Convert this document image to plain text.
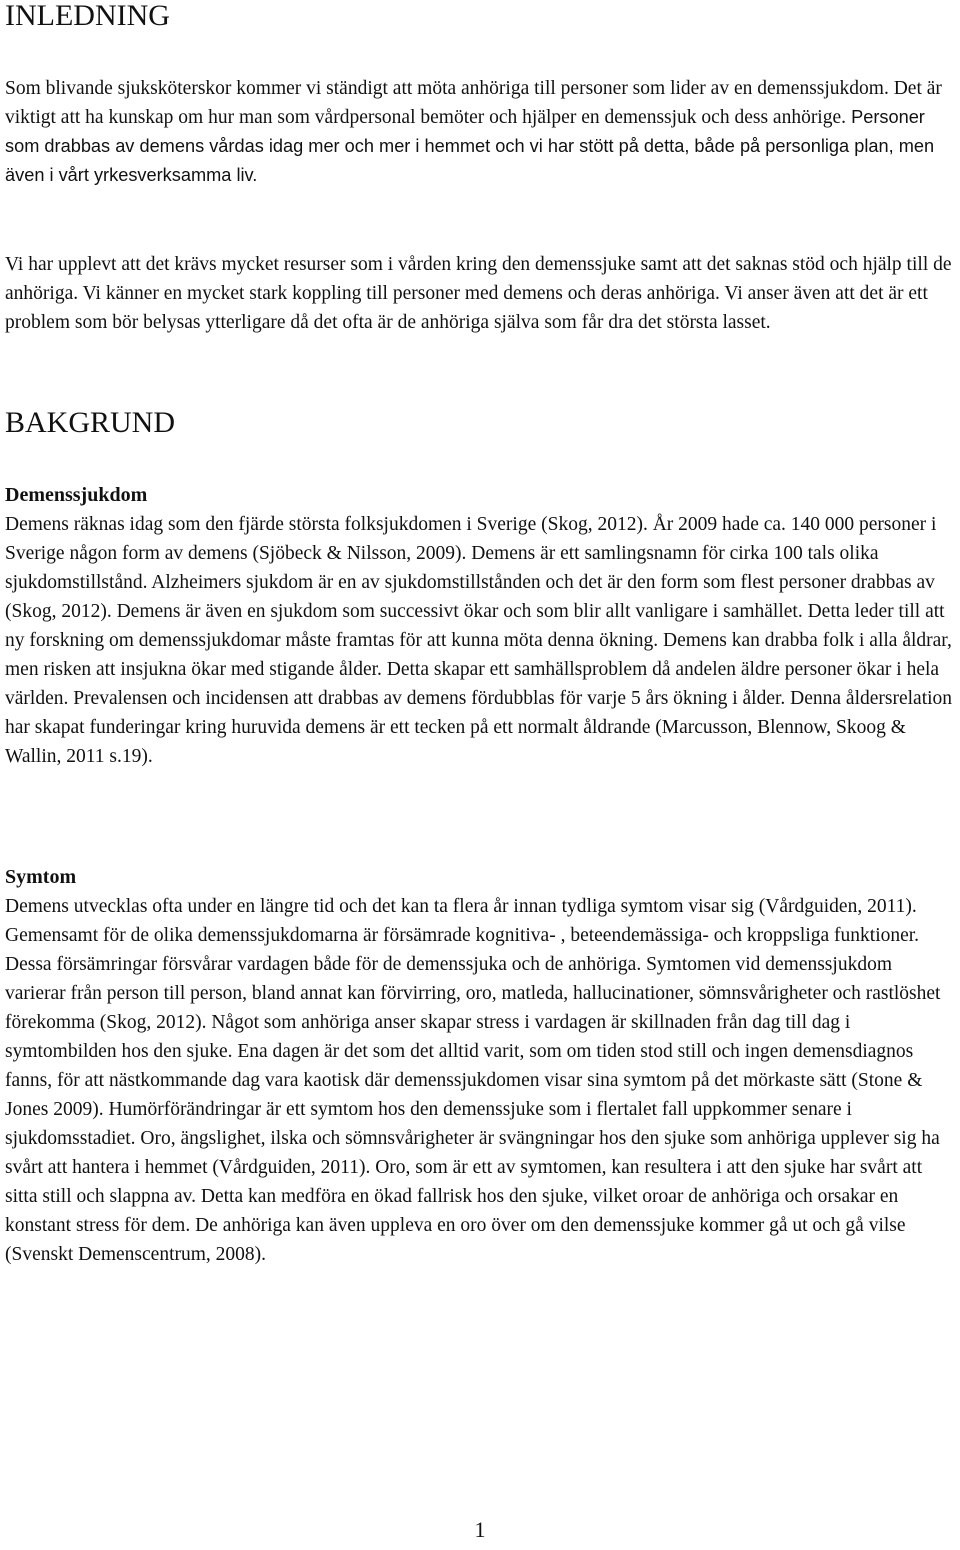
INLEDNING

Som blivande sjuksköterskor kommer vi ständigt att möta anhöriga till personer som lider av en demenssjukdom. Det är viktigt att ha kunskap om hur man som vårdpersonal bemöter och hjälper en demenssjuk och dess anhörige. Personer som drabbas av demens vårdas idag mer och mer i hemmet och vi har stött på detta, både på personliga plan, men även i vårt yrkesverksamma liv.

Vi har upplevt att det krävs mycket resurser som i vården kring den demenssjuke samt att det saknas stöd och hjälp till de anhöriga. Vi känner en mycket stark koppling till personer med demens och deras anhöriga. Vi anser även att det är ett problem som bör belysas ytterligare då det ofta är de anhöriga själva som får dra det största lasset.

BAKGRUND
Demenssjukdom

Demens räknas idag som den fjärde största folksjukdomen i Sverige (Skog, 2012). År 2009 hade ca. 140 000 personer i Sverige någon form av demens (Sjöbeck & Nilsson, 2009). Demens är ett samlingsnamn för cirka 100 tals olika sjukdomstillstånd. Alzheimers sjukdom är en av sjukdomstillstånden och det är den form som flest personer drabbas av (Skog, 2012). Demens är även en sjukdom som successivt ökar och som blir allt vanligare i samhället. Detta leder till att ny forskning om demenssjukdomar måste framtas för att kunna möta denna ökning. Demens kan drabba folk i alla åldrar, men risken att insjukna ökar med stigande ålder. Detta skapar ett samhällsproblem då andelen äldre personer ökar i hela världen. Prevalensen och incidensen att drabbas av demens fördubblas för varje 5 års ökning i ålder. Denna åldersrelation har skapat funderingar kring huruvida demens är ett tecken på ett normalt åldrande (Marcusson, Blennow, Skoog & Wallin, 2011 s.19).

Symtom

Demens utvecklas ofta under en längre tid och det kan ta flera år innan tydliga symtom visar sig (Vårdguiden, 2011). Gemensamt för de olika demenssjukdomarna är försämrade kognitiva- , beteendemässiga- och kroppsliga funktioner. Dessa försämringar försvårar vardagen både för de demenssjuka och de anhöriga. Symtomen vid demenssjukdom varierar från person till person, bland annat kan förvirring, oro, matleda, hallucinationer, sömnsvårigheter och rastlöshet förekomma (Skog, 2012). Något som anhöriga anser skapar stress i vardagen är skillnaden från dag till dag i symtombilden hos den sjuke. Ena dagen är det som det alltid varit, som om tiden stod still och ingen demensdiagnos fanns, för att nästkommande dag vara kaotisk där demenssjukdomen visar sina symtom på det mörkaste sätt (Stone & Jones 2009). Humörförändringar är ett symtom hos den demenssjuke som i flertalet fall uppkommer senare i sjukdomsstadiet. Oro, ängslighet, ilska och sömnsvårigheter är svängningar hos den sjuke som anhöriga upplever sig ha svårt att hantera i hemmet (Vårdguiden, 2011). Oro, som är ett av symtomen, kan resultera i att den sjuke har svårt att sitta still och slappna av. Detta kan medföra en ökad fallrisk hos den sjuke, vilket oroar de anhöriga och orsakar en konstant stress för dem. De anhöriga kan även uppleva en oro över om den demenssjuke kommer gå ut och gå vilse (Svenskt Demenscentrum, 2008).

1
